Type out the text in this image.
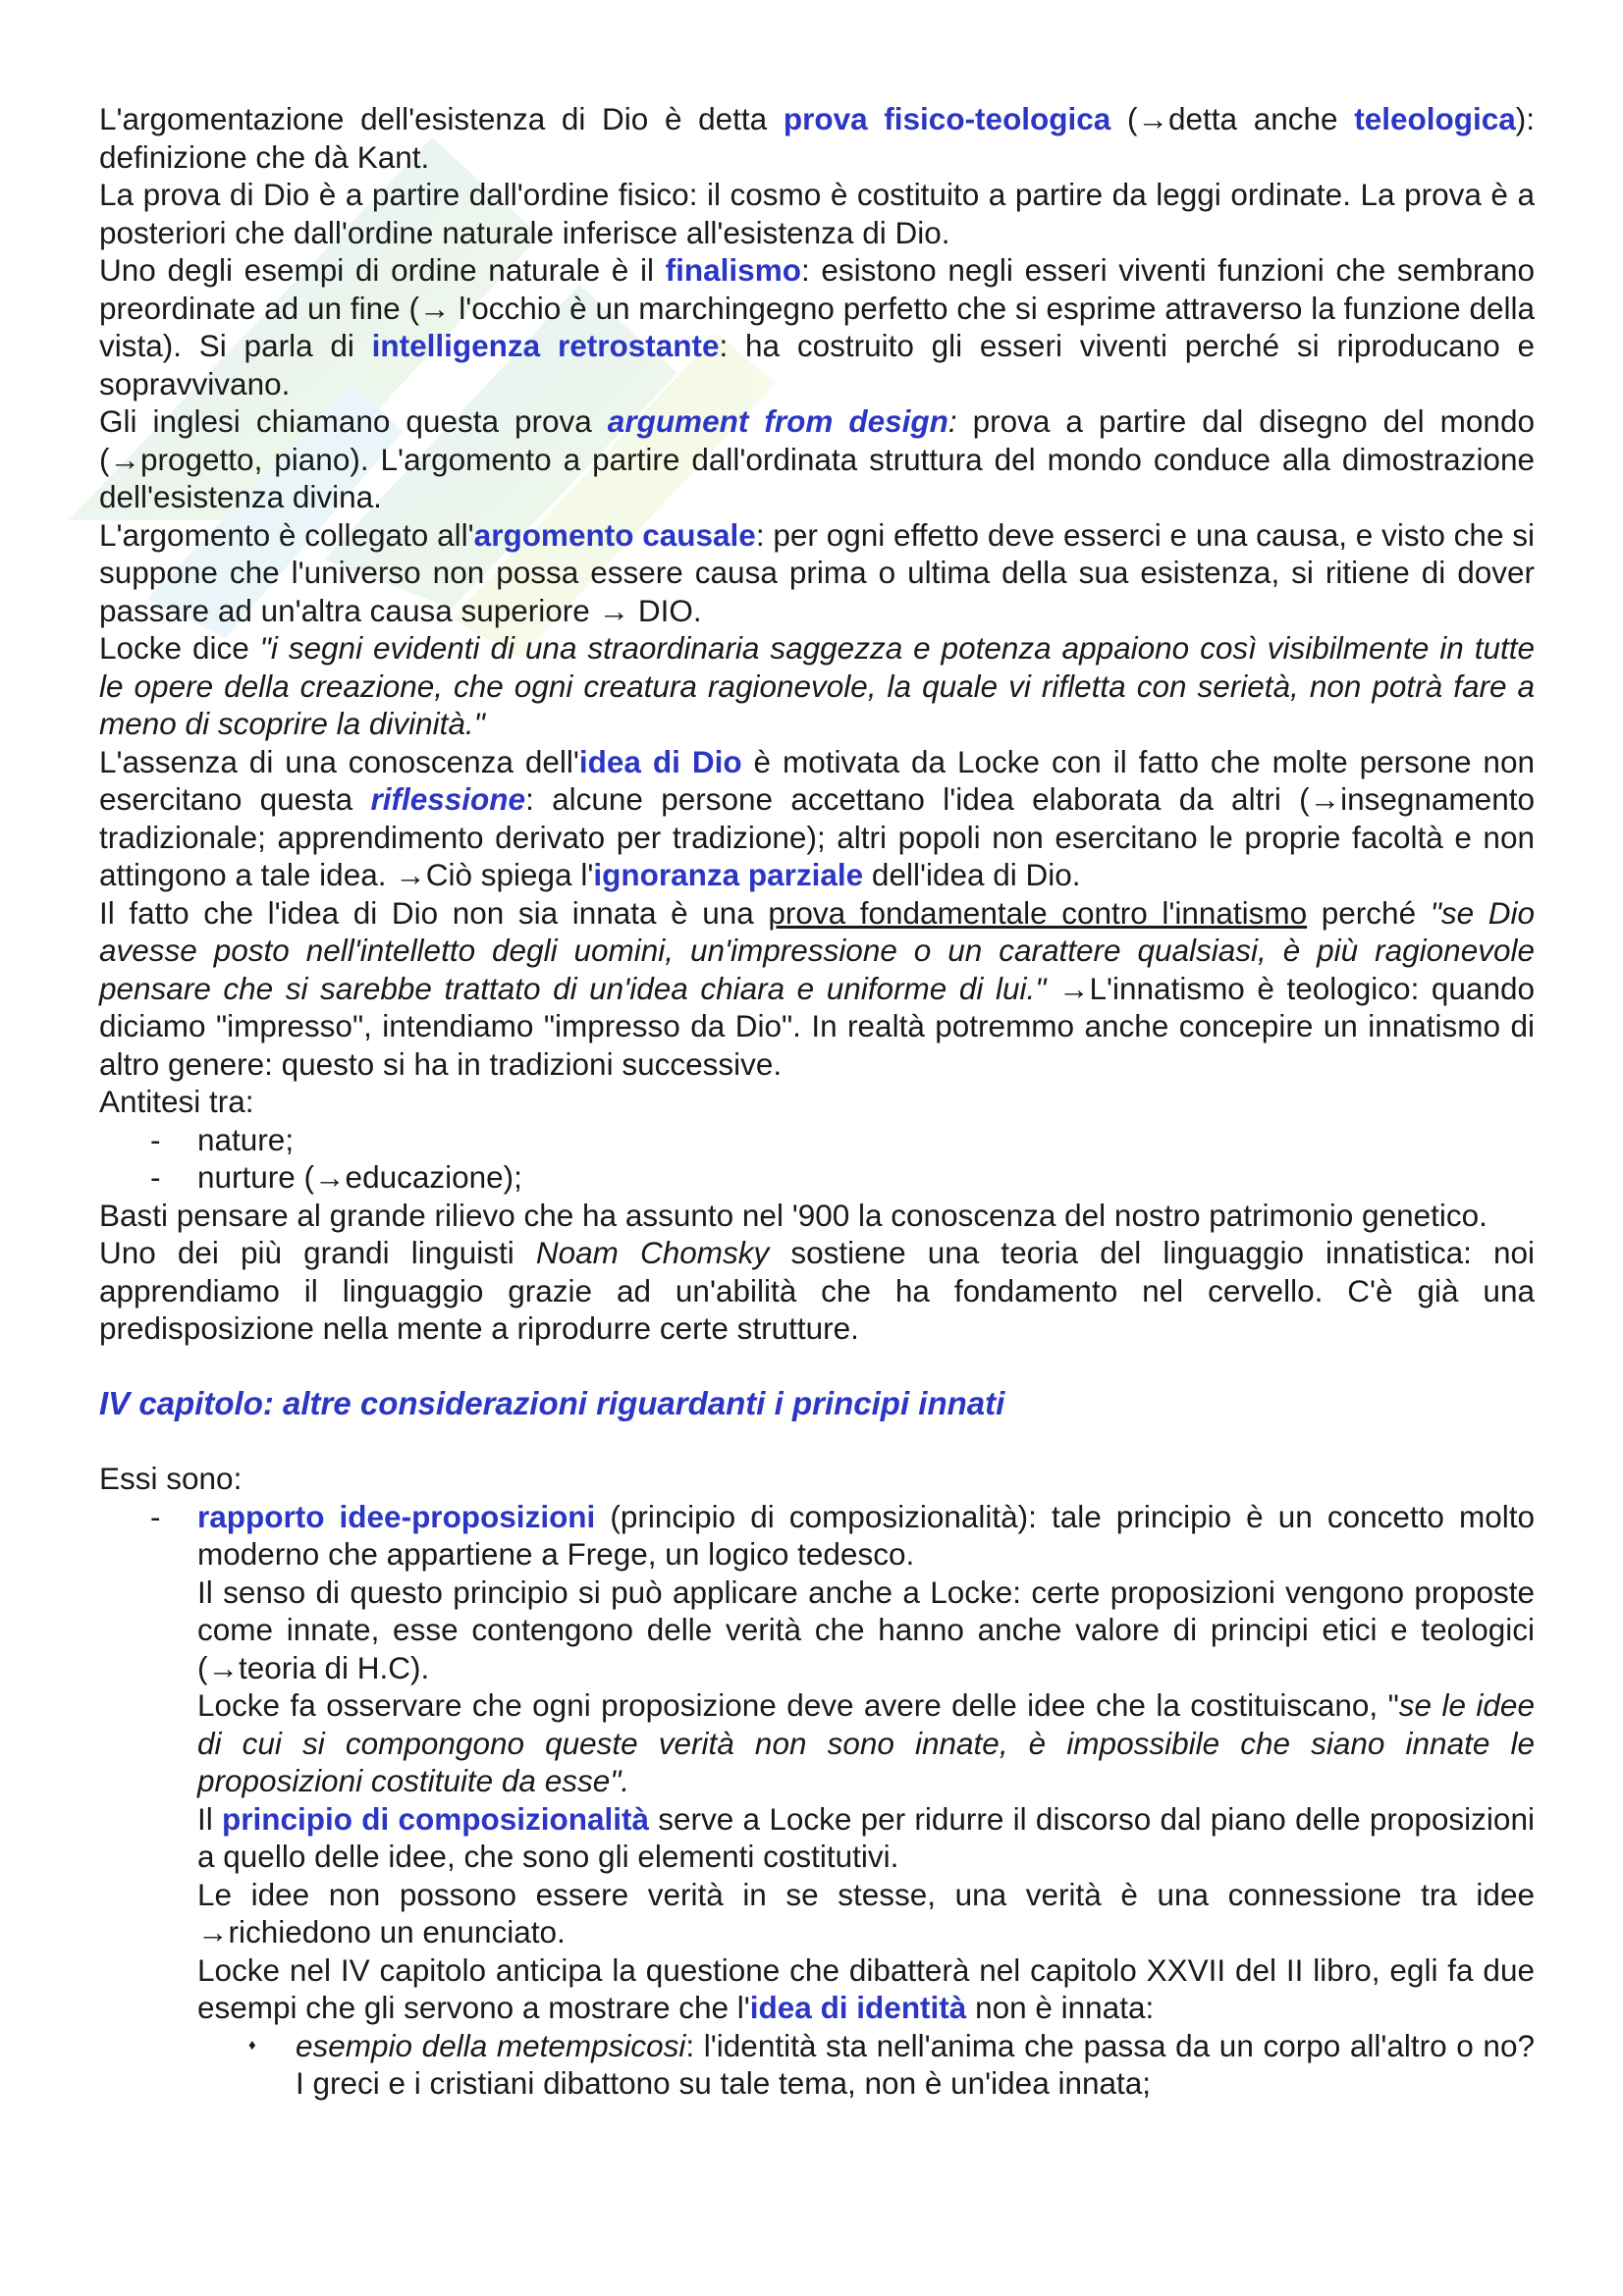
L'argomentazione dell'esistenza di Dio è detta prova fisico-teologica (→detta anche teleologica): definizione che dà Kant.

La prova di Dio è a partire dall'ordine fisico: il cosmo è costituito a partire da leggi ordinate. La prova è a posteriori che dall'ordine naturale inferisce all'esistenza di Dio.

Uno degli esempi di ordine naturale è il finalismo: esistono negli esseri viventi funzioni che sembrano preordinate ad un fine (→ l'occhio è un marchingegno perfetto che si esprime attraverso la funzione della vista). Si parla di intelligenza retrostante: ha costruito gli esseri viventi perché si riproducano e sopravvivano.

Gli inglesi chiamano questa prova argument from design: prova a partire dal disegno del mondo (→progetto, piano). L'argomento a partire dall'ordinata struttura del mondo conduce alla dimostrazione dell'esistenza divina.

L'argomento è collegato all'argomento causale: per ogni effetto deve esserci e una causa, e visto che si suppone che l'universo non possa essere causa prima o ultima della sua esistenza, si ritiene di dover passare ad un'altra causa superiore → DIO.

Locke dice "i segni evidenti di una straordinaria saggezza e potenza appaiono così visibilmente in tutte le opere della creazione, che ogni creatura ragionevole, la quale vi rifletta con serietà, non potrà fare a meno di scoprire la divinità."

L'assenza di una conoscenza dell'idea di Dio è motivata da Locke con il fatto che molte persone non esercitano questa riflessione: alcune persone accettano l'idea elaborata da altri (→insegnamento tradizionale; apprendimento derivato per tradizione); altri popoli non esercitano le proprie facoltà e non attingono a tale idea. →Ciò spiega l'ignoranza parziale dell'idea di Dio.

Il fatto che l'idea di Dio non sia innata è una prova fondamentale contro l'innatismo perché "se Dio avesse posto nell'intelletto degli uomini, un'impressione o un carattere qualsiasi, è più ragionevole pensare che si sarebbe trattato di un'idea chiara e uniforme di lui." →L'innatismo è teologico: quando diciamo "impresso", intendiamo "impresso da Dio". In realtà potremmo anche concepire un innatismo di altro genere: questo si ha in tradizioni successive.

Antitesi tra:

- nature;
- nurture (→educazione);

Basti pensare al grande rilievo che ha assunto nel '900 la conoscenza del nostro patrimonio genetico.

Uno dei più grandi linguisti Noam Chomsky sostiene una teoria del linguaggio innatistica: noi apprendiamo il linguaggio grazie ad un'abilità che ha fondamento nel cervello. C'è già una predisposizione nella mente a riprodurre certe strutture.

IV capitolo: altre considerazioni riguardanti i principi innati

Essi sono:

- rapporto idee-proposizioni (principio di composizionalità): tale principio è un concetto molto moderno che appartiene a Frege, un logico tedesco.
Il senso di questo principio si può applicare anche a Locke: certe proposizioni vengono proposte come innate, esse contengono delle verità che hanno anche valore di principi etici e teologici (→teoria di H.C).
Locke fa osservare che ogni proposizione deve avere delle idee che la costituiscano, "se le idee di cui si compongono queste verità non sono innate, è impossibile che siano innate le proposizioni costituite da esse".
Il principio di composizionalità serve a Locke per ridurre il discorso dal piano delle proposizioni a quello delle idee, che sono gli elementi costitutivi.
Le idee non possono essere verità in se stesse, una verità è una connessione tra idee →richiedono un enunciato.
Locke nel IV capitolo anticipa la questione che dibatterà nel capitolo XXVII del II libro, egli fa due esempi che gli servono a mostrare che l'idea di identità non è innata:
♦ esempio della metempsicosi: l'identità sta nell'anima che passa da un corpo all'altro o no? I greci e i cristiani dibattono su tale tema, non è un'idea innata;
